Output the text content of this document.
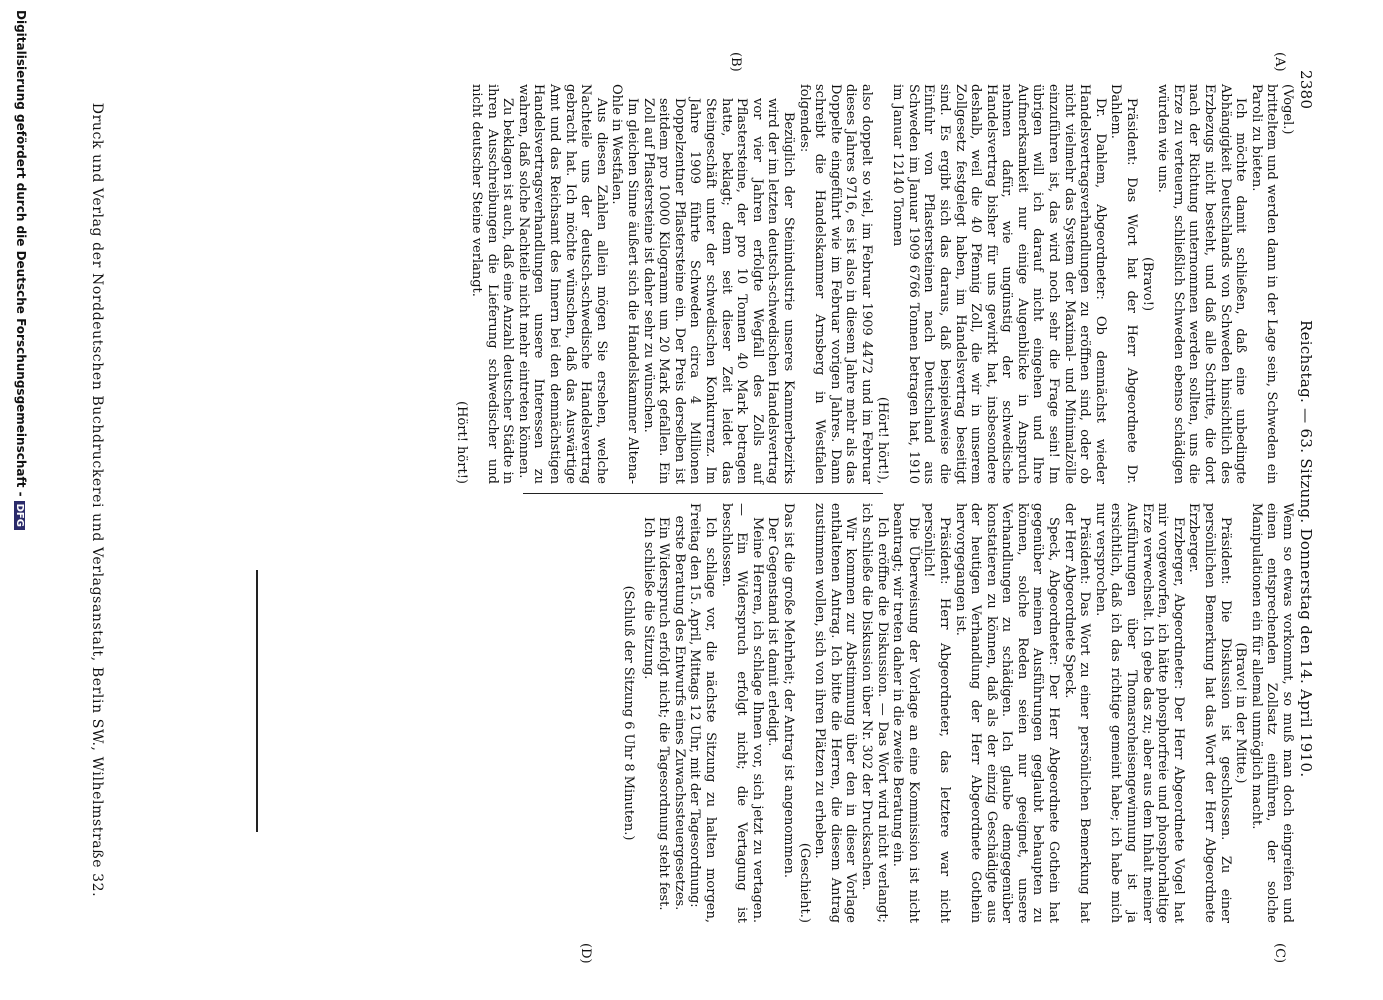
2380
Reichstag. — 63. Sitzung. Donnerstag den 14. April 1910.
(A)
(B)
(C)
(D)

(Vogel.)

britteltem und werden dann in der Lage sein, Schweden ein Paroli zu bieten.

Ich möchte damit schließen, daß eine unbedingte Abhängigkeit Deutschlands von Schweden hinsichtlich des Erzbezugs nicht besteht, und daß alle Schritte, die dort nach der Richtung unternommen werden sollten, uns die Erze zu verteuern, schließlich Schweden ebenso schädigen würden wie uns.

(Bravo!)

Präsident: Das Wort hat der Herr Abgeordnete Dr. Dahlem.

Dr. Dahlem, Abgeordneter: Ob demnächst wieder Handelsvertragsverhandlungen zu eröffnen sind, oder ob nicht vielmehr das System der Maximal- und Minimalzölle einzuführen ist, das wird noch sehr die Frage sein! Im übrigen will ich darauf nicht eingehen und Ihre Aufmerksamkeit nur einige Augenblicke in Anspruch nehmen dafür, wie ungünstig der schwedische Handelsvertrag bisher für uns gewirkt hat, insbesondere deshalb, weil die 40 Pfennig Zoll, die wir in unserem Zollgesetz festgelegt haben, im Handelsvertrag beseitigt sind. Es ergibt sich das daraus, daß beispielsweise die Einfuhr von Pflastersteinen nach Deutschland aus Schweden im Januar 1909 6766 Tonnen betragen hat, 1910 im Januar 12140 Tonnen

(Hört! hört!),

also doppelt so viel, im Februar 1909 4472 und im Februar dieses Jahres 9716, es ist also in diesem Jahre mehr als das Doppelte eingeführt wie im Februar vorigen Jahres. Dann schreibt die Handelskammer Arnsberg in Westfalen folgendes:

Bezüglich der Steinindustrie unseres Kammerbezirks wird der im letzten deutsch-schwedischen Handelsvertrag vor vier Jahren erfolgte Wegfall des Zolls auf Pflastersteine, der pro 10 Tonnen 40 Mark betragen hatte, beklagt; denn seit dieser Zeit leidet das Steingeschäft unter der schwedischen Konkurrenz. Im Jahre 1909 führte Schweden circa 4 Millionen Doppelzentner Pflastersteine ein. Der Preis derselben ist seitdem pro 10000 Kilogramm um 20 Mark gefallen. Ein Zoll auf Pflastersteine ist daher sehr zu wünschen.

Im gleichen Sinne äußert sich die Handelskammer Altena-Ohle in Westfalen.

Aus diesen Zahlen allein mögen Sie ersehen, welche Nachteile uns der deutsch-schwedische Handelsvertrag gebracht hat. Ich möchte wünschen, daß das Auswärtige Amt und das Reichsamt des Innern bei den demnächstigen Handelsvertragsverhandlungen unsere Interessen zu wahren, daß solche Nachteile nicht mehr eintreten können.

Zu beklagen ist auch, daß eine Anzahl deutscher Städte in ihren Ausschreibungen die Lieferung schwedischer und nicht deutscher Steine verlangt.

(Hört! hört!)

Wenn so etwas vorkommt, so muß man doch eingreifen und einen entsprechenden Zollsatz einführen, der solche Manipulationen ein für allemal unmöglich macht.

(Bravo! in der Mitte.)

Präsident: Die Diskussion ist geschlossen. Zu einer persönlichen Bemerkung hat das Wort der Herr Abgeordnete Erzberger.

Erzberger, Abgeordneter: Der Herr Abgeordnete Vogel hat mir vorgeworfen, ich hätte phosphorfreie und phosphorhaltige Erze verwechselt. Ich gebe das zu; aber aus dem Inhalt meiner Ausführungen über Thomasroheisengewinnung ist ja ersichtlich, daß ich das richtige gemeint habe; ich habe mich nur versprochen.

Präsident: Das Wort zu einer persönlichen Bemerkung hat der Herr Abgeordnete Speck.

Speck, Abgeordneter: Der Herr Abgeordnete Gothein hat gegenüber meinen Ausführungen geglaubt behaupten zu können, solche Reden seien nur geeignet, unsere Verhandlungen zu schädigen. Ich glaube demgegenüber konstatieren zu können, daß als der einzig Geschädigte aus der heutigen Verhandlung der Herr Abgeordnete Gothein hervorgegangen ist.

Präsident: Herr Abgeordneter, das letztere war nicht persönlich!

Die Überweisung der Vorlage an eine Kommission ist nicht beantragt; wir treten daher in die zweite Beratung ein.

Ich eröffne die Diskussion. — Das Wort wird nicht verlangt; ich schließe die Diskussion über Nr. 302 der Drucksachen.

Wir kommen zur Abstimmung über den in dieser Vorlage enthaltenen Antrag. Ich bitte die Herren, die diesem Antrag zustimmen wollen, sich von ihren Plätzen zu erheben.

(Geschieht.)

Das ist die große Mehrheit; der Antrag ist angenommen.

Der Gegenstand ist damit erledigt.

Meine Herren, ich schlage Ihnen vor, sich jetzt zu vertagen. — Ein Widerspruch erfolgt nicht; die Vertagung ist beschlossen.

Ich schlage vor, die nächste Sitzung zu halten morgen, Freitag den 15. April, Mittags 12 Uhr, mit der Tagesordnung:

erste Beratung des Entwurfs eines Zuwachssteuergesetzes.

Ein Widerspruch erfolgt nicht; die Tagesordnung steht fest.

Ich schließe die Sitzung.

(Schluß der Sitzung 6 Uhr 8 Minuten.)

Druck und Verlag der Norddeutschen Buchdruckerei und Verlagsanstalt, Berlin SW., Wilhelmstraße 32.
Digitalisierung gefördert durch die Deutsche Forschungsgemeinschaft -DFG
